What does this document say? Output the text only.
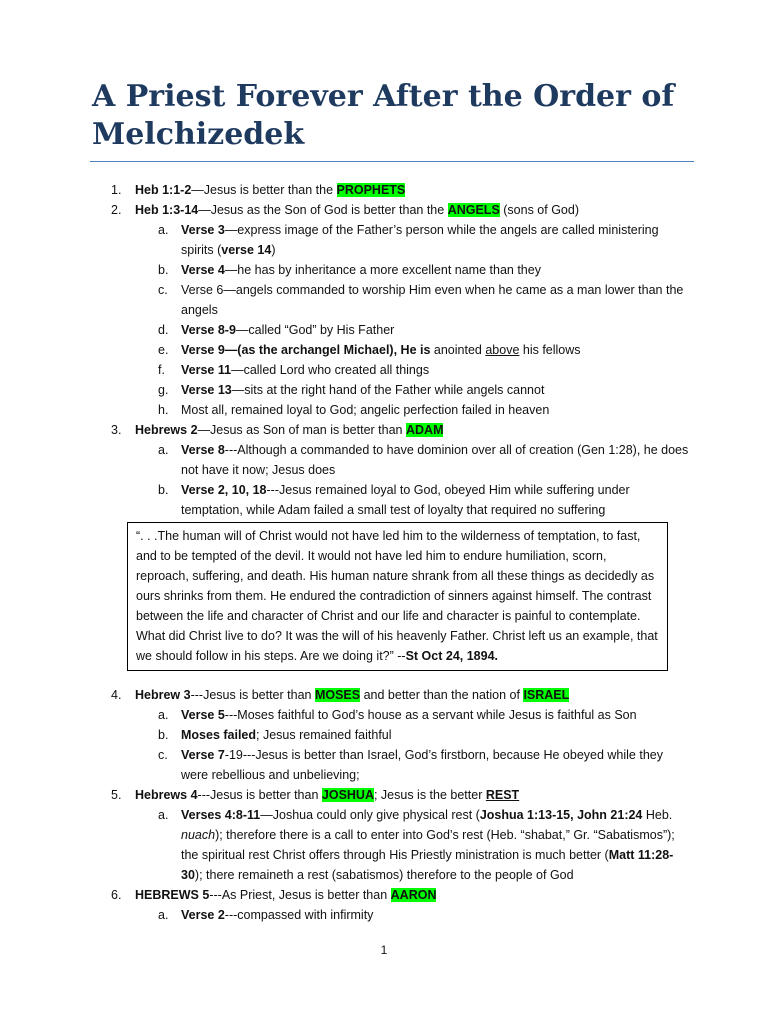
A Priest Forever After the Order of Melchizedek
1. Heb 1:1-2—Jesus is better than the PROPHETS
2. Heb 1:3-14—Jesus as the Son of God is better than the ANGELS (sons of God)
a. Verse 3—express image of the Father’s person while the angels are called ministering spirits (verse 14)
b. Verse 4—he has by inheritance a more excellent name than they
c. Verse 6—angels commanded to worship Him even when he came as a man lower than the angels
d. Verse 8-9—called “God” by His Father
e. Verse 9—(as the archangel Michael), He is anointed above his fellows
f. Verse 11—called Lord who created all things
g. Verse 13—sits at the right hand of the Father while angels cannot
h. Most all, remained loyal to God; angelic perfection failed in heaven
3. Hebrews 2—Jesus as Son of man is better than ADAM
a. Verse 8---Although a commanded to have dominion over all of creation (Gen 1:28), he does not have it now; Jesus does
b. Verse 2, 10, 18---Jesus remained loyal to God, obeyed Him while suffering under temptation, while Adam failed a small test of loyalty that required no suffering
“. . .The human will of Christ would not have led him to the wilderness of temptation, to fast, and to be tempted of the devil. It would not have led him to endure humiliation, scorn, reproach, suffering, and death. His human nature shrank from all these things as decidedly as ours shrinks from them. He endured the contradiction of sinners against himself. The contrast between the life and character of Christ and our life and character is painful to contemplate. What did Christ live to do? It was the will of his heavenly Father. Christ left us an example, that we should follow in his steps. Are we doing it?” --St Oct 24, 1894.
4. Hebrew 3---Jesus is better than MOSES and better than the nation of ISRAEL
a. Verse 5---Moses faithful to God’s house as a servant while Jesus is faithful as Son
b. Moses failed; Jesus remained faithful
c. Verse 7-19---Jesus is better than Israel, God’s firstborn, because He obeyed while they were rebellious and unbelieving;
5. Hebrews 4---Jesus is better than JOSHUA; Jesus is the better REST
a. Verses 4:8-11—Joshua could only give physical rest (Joshua 1:13-15, John 21:24 Heb. nuach); therefore there is a call to enter into God’s rest (Heb. “shabat,” Gr. “Sabatismos”); the spiritual rest Christ offers through His Priestly ministration is much better (Matt 11:28-30); there remaineth a rest (sabatismos) therefore to the people of God
6. HEBREWS 5---As Priest, Jesus is better than AARON
a. Verse 2---compassed with infirmity
1
